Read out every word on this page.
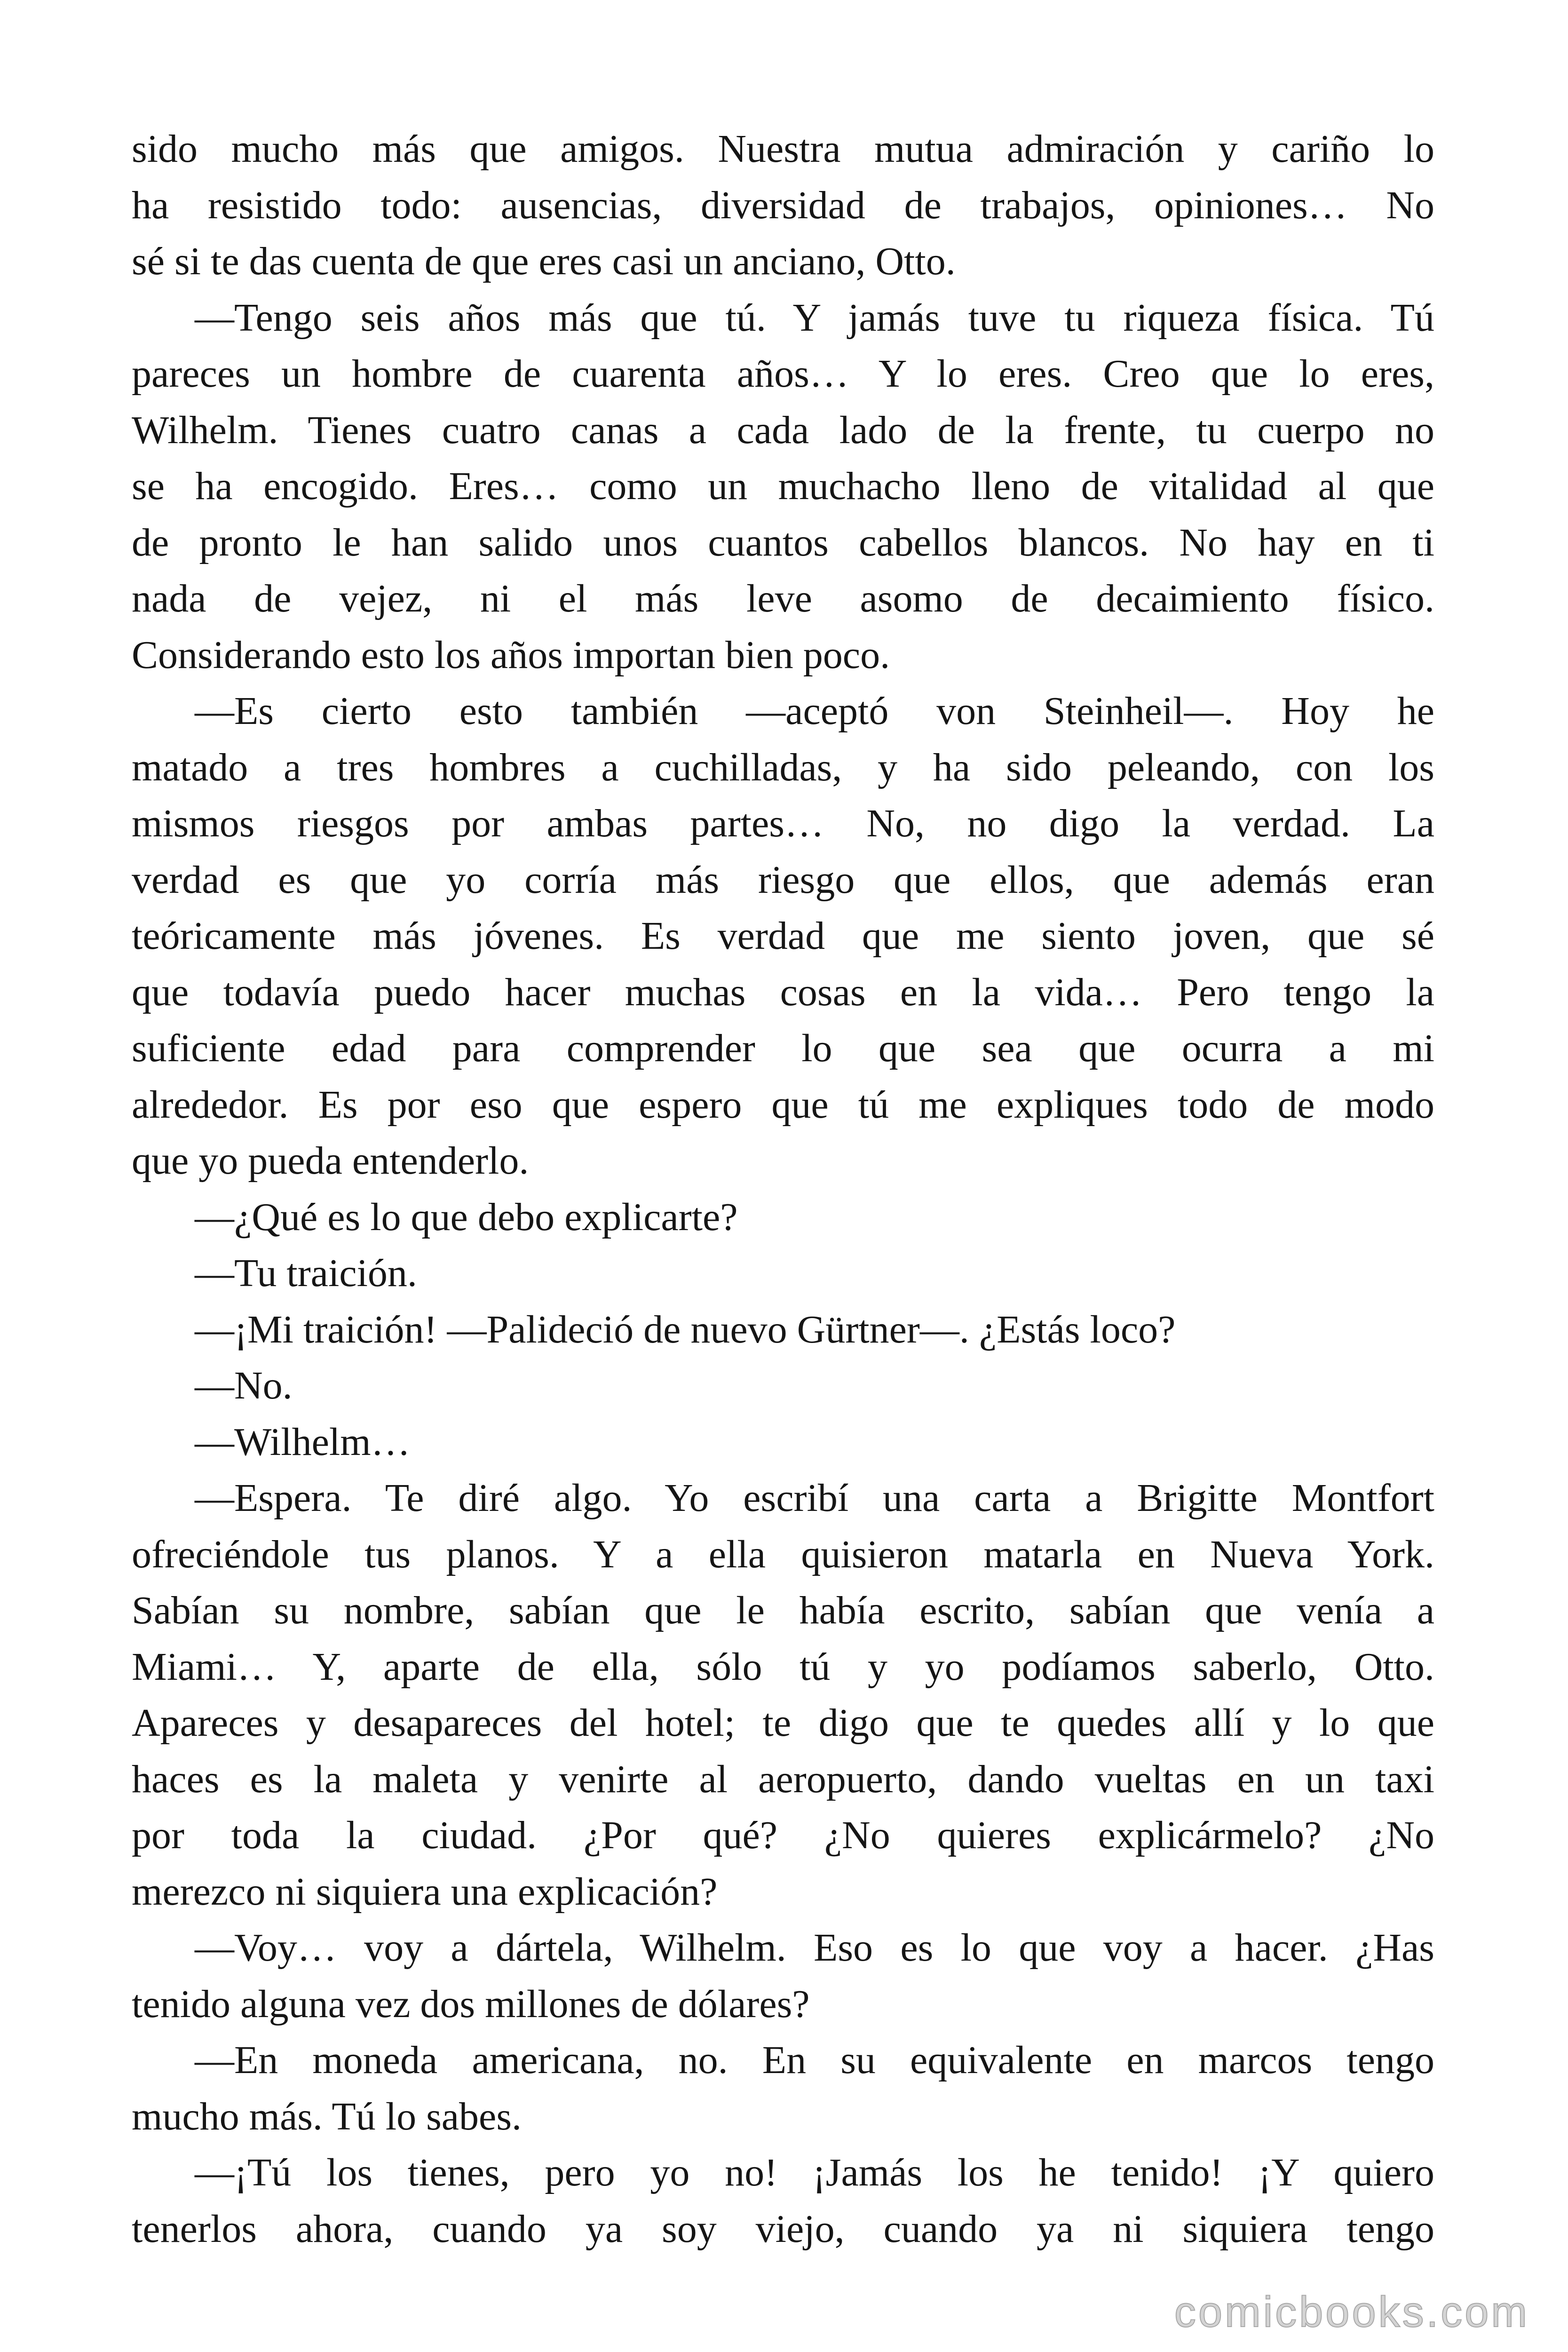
sido mucho más que amigos. Nuestra mutua admiración y cariño lo
ha resistido todo: ausencias, diversidad de trabajos, opiniones… No
sé si te das cuenta de que eres casi un anciano, Otto.
—Tengo seis años más que tú. Y jamás tuve tu riqueza física. Tú
pareces un hombre de cuarenta años… Y lo eres. Creo que lo eres,
Wilhelm. Tienes cuatro canas a cada lado de la frente, tu cuerpo no
se ha encogido. Eres… como un muchacho lleno de vitalidad al que
de pronto le han salido unos cuantos cabellos blancos. No hay en ti
nada de vejez, ni el más leve asomo de decaimiento físico.
Considerando esto los años importan bien poco.
—Es cierto esto también —aceptó von Steinheil—. Hoy he
matado a tres hombres a cuchilladas, y ha sido peleando, con los
mismos riesgos por ambas partes… No, no digo la verdad. La
verdad es que yo corría más riesgo que ellos, que además eran
teóricamente más jóvenes. Es verdad que me siento joven, que sé
que todavía puedo hacer muchas cosas en la vida… Pero tengo la
suficiente edad para comprender lo que sea que ocurra a mi
alrededor. Es por eso que espero que tú me expliques todo de modo
que yo pueda entenderlo.
—¿Qué es lo que debo explicarte?
—Tu traición.
—¡Mi traición! —Palideció de nuevo Gürtner—. ¿Estás loco?
—No.
—Wilhelm…
—Espera. Te diré algo. Yo escribí una carta a Brigitte Montfort
ofreciéndole tus planos. Y a ella quisieron matarla en Nueva York.
Sabían su nombre, sabían que le había escrito, sabían que venía a
Miami… Y, aparte de ella, sólo tú y yo podíamos saberlo, Otto.
Apareces y desapareces del hotel; te digo que te quedes allí y lo que
haces es la maleta y venirte al aeropuerto, dando vueltas en un taxi
por toda la ciudad. ¿Por qué? ¿No quieres explicármelo? ¿No
merezco ni siquiera una explicación?
—Voy… voy a dártela, Wilhelm. Eso es lo que voy a hacer. ¿Has
tenido alguna vez dos millones de dólares?
—En moneda americana, no. En su equivalente en marcos tengo
mucho más. Tú lo sabes.
—¡Tú los tienes, pero yo no! ¡Jamás los he tenido! ¡Y quiero
tenerlos ahora, cuando ya soy viejo, cuando ya ni siquiera tengo
comicbooks.com
